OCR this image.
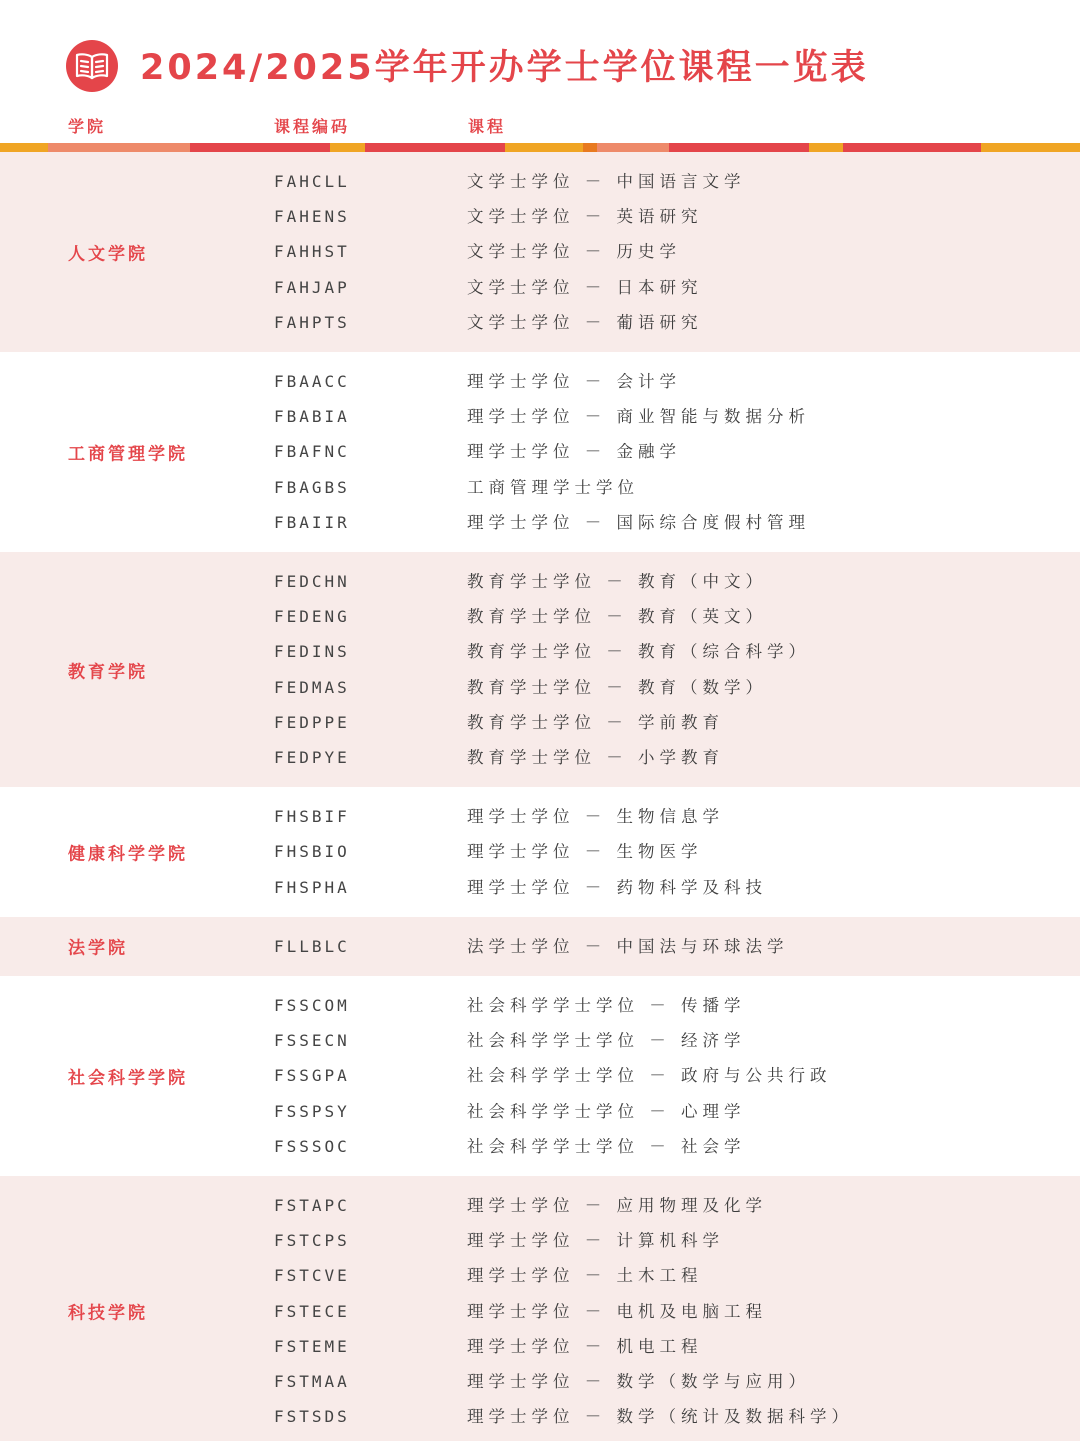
2024/2025学年开办学士学位课程一览表
学院	课程编码	课程
人文学院
FAHCLL	文学士学位 － 中国语言文学
FAHENS	文学士学位 － 英语研究
FAHHST	文学士学位 － 历史学
FAHJAP	文学士学位 － 日本研究
FAHPTS	文学士学位 － 葡语研究
工商管理学院
FBAACC	理学士学位 － 会计学
FBABIA	理学士学位 － 商业智能与数据分析
FBAFNC	理学士学位 － 金融学
FBAGBS	工商管理学士学位
FBAIIR	理学士学位 － 国际综合度假村管理
教育学院
FEDCHN	教育学士学位 － 教育（中文）
FEDENG	教育学士学位 － 教育（英文）
FEDINS	教育学士学位 － 教育（综合科学）
FEDMAS	教育学士学位 － 教育（数学）
FEDPPE	教育学士学位 － 学前教育
FEDPYE	教育学士学位 － 小学教育
健康科学学院
FHSBIF	理学士学位 － 生物信息学
FHSBIO	理学士学位 － 生物医学
FHSPHA	理学士学位 － 药物科学及科技
法学院	FLLBLC	法学士学位 － 中国法与环球法学
社会科学学院
FSSCOM	社会科学学士学位 － 传播学
FSSECN	社会科学学士学位 － 经济学
FSSGPA	社会科学学士学位 － 政府与公共行政
FSSPSY	社会科学学士学位 － 心理学
FSSSOC	社会科学学士学位 － 社会学
科技学院
FSTAPC	理学士学位 － 应用物理及化学
FSTCPS	理学士学位 － 计算机科学
FSTCVE	理学士学位 － 土木工程
FSTECE	理学士学位 － 电机及电脑工程
FSTEME	理学士学位 － 机电工程
FSTMAA	理学士学位 － 数学（数学与应用）
FSTSDS	理学士学位 － 数学（统计及数据科学）
